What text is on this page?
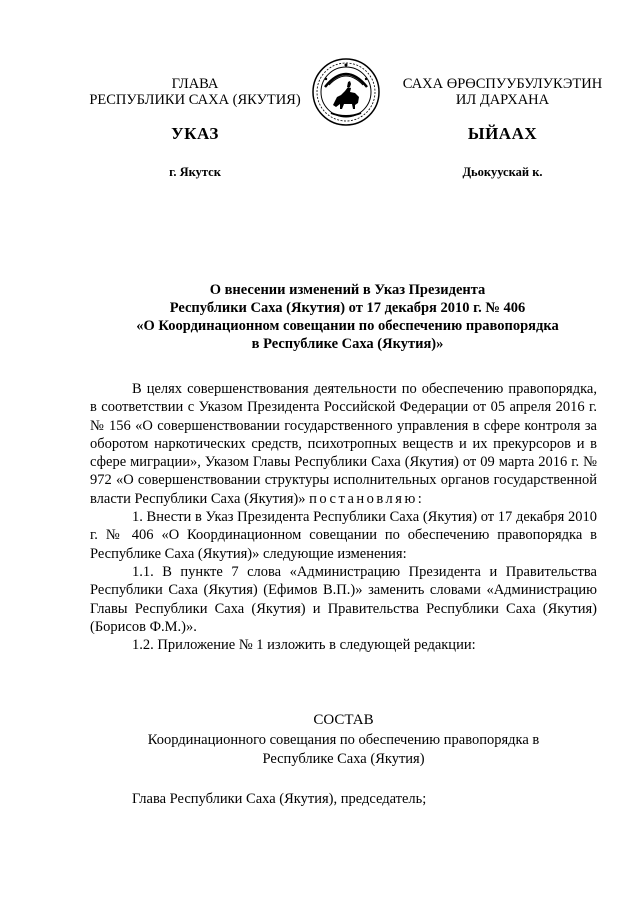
ГЛАВА
РЕСПУБЛИКИ САХА (ЯКУТИЯ)
САХА ӨРӨСПУУБУЛУКЭТИН
ИЛ ДАРХАНА
УКАЗ	ЫЙААХ
г. Якутск	Дьокуускай к.
О внесении изменений в Указ Президента
Республики Саха (Якутия) от 17 декабря 2010 г. № 406
«О Координационном совещании по обеспечению правопорядка
в Республике Саха (Якутия)»

В целях совершенствования деятельности по обеспечению правопорядка, в соответствии с Указом Президента Российской Федерации от 05 апреля 2016 г. № 156 «О совершенствовании государственного управления в сфере контроля за оборотом наркотических средств, психотропных веществ и их прекурсоров и в сфере миграции», Указом Главы Республики Саха (Якутия) от 09 марта 2016 г. № 972 «О совершенствовании структуры исполнительных органов государственной власти Республики Саха (Якутия)» постановляю:

1. Внести в Указ Президента Республики Саха (Якутия) от 17 декабря 2010 г. № 406 «О Координационном совещании по обеспечению правопорядка в Республике Саха (Якутия)» следующие изменения:

1.1. В пункте 7 слова «Администрацию Президента и Правительства Республики Саха (Якутия) (Ефимов В.П.)» заменить словами «Администрацию Главы Республики Саха (Якутия) и Правительства Республики Саха (Якутия) (Борисов Ф.М.)».

1.2. Приложение № 1 изложить в следующей редакции:

СОСТАВ
Координационного совещания по обеспечению правопорядка в
Республике Саха (Якутия)
Глава Республики Саха (Якутия), председатель;
